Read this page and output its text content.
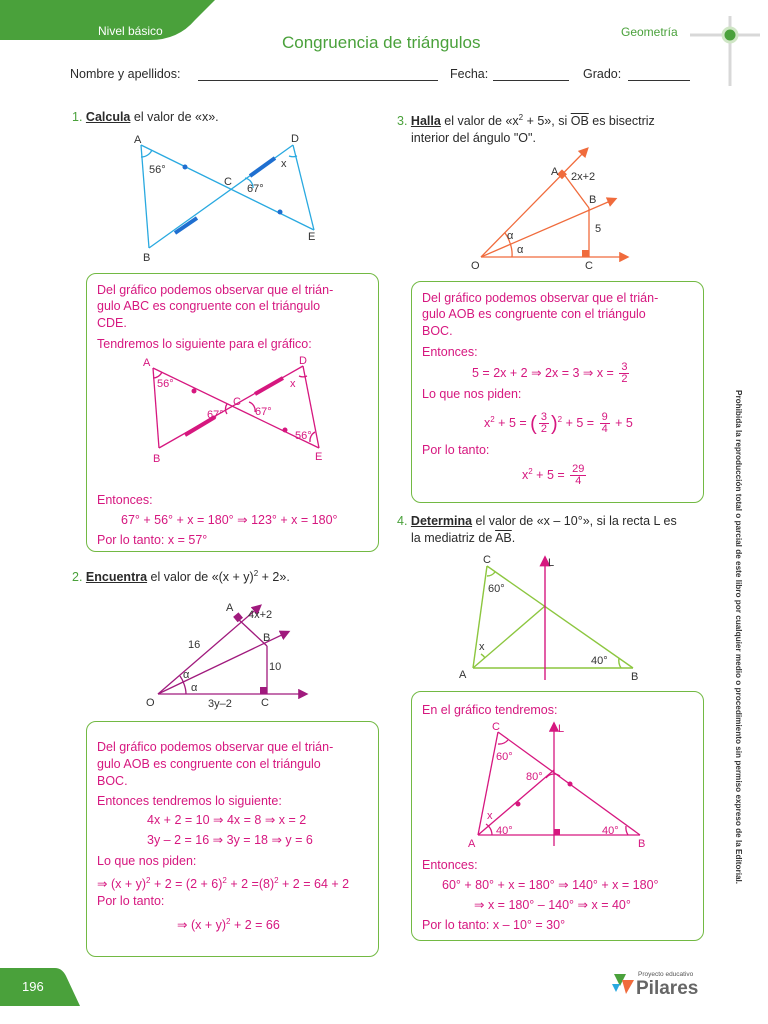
Nivel básico
Congruencia de triángulos
Geometría
Nombre y apellidos:	Fecha:	Grado:
1. Calcula el valor de «x».
A
B
C
D
E
56°
67°
x
Del gráfico podemos observar que el trián-
gulo ABC es congruente con el triángulo
CDE.
Tendremos lo siguiente para el gráfico:
A
B
C
D
E
56°
67°	67°
56°
x
Entonces:
67° + 56° + x = 180° ⇒ 123° + x = 180°
Por lo tanto: x = 57°
2. Encuentra el valor de «$(x + y)^2 + 2$».
A
B
O	C
16
10
4x+2
3y–2
α
α
Del gráfico podemos observar que el trián-
gulo AOB es congruente con el triángulo
BOC.
Entonces tendremos lo siguiente:
4x + 2 = 10 ⇒ 4x = 8 ⇒ x = 2
3y – 2 = 16 ⇒ 3y = 18 ⇒ y = 6
Lo que nos piden:
⇒ $(x + y)^2 + 2 = (2 + 6)^2 + 2 =(8)^2 + 2 = 64 + 2$
Por lo tanto:
⇒ $(x + y)^2 + 2 = 66$
3. Halla el valor de «$x^2 + 5$», si $\overline{OB}$ es bisectriz
interior del ángulo "O".
A
B
O	C
2x+2
5
α
α
Del gráfico podemos observar que el trián-
gulo AOB es congruente con el triángulo
BOC.
Entonces:
5 = 2x + 2 ⇒ 2x = 3 ⇒ $x = \frac{3}{2}$
Lo que nos piden:
$x^2 + 5$ = ( $\frac{3}{2} )^2 + 5 = \frac{9}{4} + 5$
Por lo tanto:
$x^2 + 5 = \frac{29}{4}$
4. Determina el valor de «x – 10°», si la recta L es
la mediatriz de $\overline{AB}$.
C
A	B
L
60°
40°
x
En el gráfico tendremos:
C
A	B
L
60°
80°
40°	40°
x
Entonces:
60° + 80° + x = 180° ⇒ 140° + x = 180°
⇒ x = 180° – 140° ⇒ x = 40°
Por lo tanto: x – 10° = 30°
Prohibida la reproducción total o parcial de este libro por cualquier medio o procedimiento sin permiso expreso de la Editorial.
196
Proyecto educativo
Pilares
